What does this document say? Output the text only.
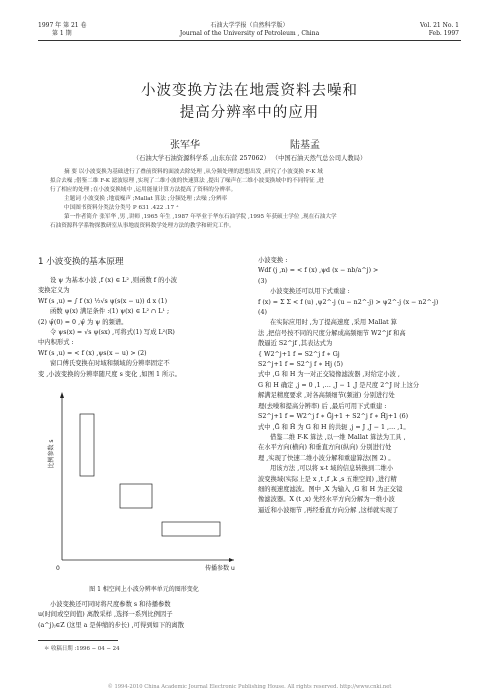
1997 年 第 21 卷
第 1 期
石油大学学报（自然科学版）
Journal of the University of Petroleum , China
Vol. 21 No. 1
Feb. 1997
小波变换方法在地震资料去噪和
提高分辨率中的应用
张军华	陆基孟
（石油大学石油资源科学系 ,山东东营 257062） （中国石油天然气总公司人教局）

摘 要 以小波变换为基础进行了叠前资料的面波去除处理 ,从分频处理的思想出发 ,研究了小波变换 F-K 域

拟合去噪 ;借鉴二维 F-K 滤波原理 ,实现了二维小波的快速算法 ,提出了噪声在二维小波变换域中的不同特征 ,进

行了相应的处理 ;在小波变换域中 ,运用能量计算方法提高了资料的分辨率。

主题词 小波变换 ;地震噪声 ;Mallat 算法 ;分频处理 ;去噪 ;分辨率

中国图书资料分类法分类号 P 631 .422 .17 ⁺

第一作者简介 张军华 ,男 ,讲师 ,1965 年生 ,1987 年毕业于华东石油学院 ,1995 年获硕士学位 ,现在石油大学

石油资源科学系物探教研室从事地震资料数学处理方法的教学和研究工作。

1 小波变换的基本原理

设 ψ 为基本小波 ,f (x) ∈ L² ,则函数 f 的小波

变换定义为

Wf (s ,u) = ∫ f (x) ½√s ψ(s(x − u)) d x (1)

函数 ψ(x) 满足条件 :(1) ψ(x) ∈ L² ∩ L¹ ;

(2) ψ̂(0) = 0 ,ψ̂ 为 ψ 的频谱。

令 ψs(x) = √s ψ(sx) ,可将式(1) 写成 L²(R)

中内积形式 :

Wf (s ,u) = < f (x) ,ψs(x − u) > (2)

窗口傅氏变换在时域和频域的分辨率固定不

变 ,小波变换的分辨率随尺度 s 变化 ,如图 1 所示。

比例参数 s
0	传播参数 u
图 1 相空间上小波分辨率单元的图形变化

小波变换还可同时将尺度参数 s 和待播参数

u(时间或空间值) 离散采样 ,选择一系列比例因子

(a^j)ⱼ∈Z (这里 a 是伸缩的步长) ,可得到如下的离散

＊ 收稿日期 :1996 − 04 − 24

小波变换 :

Wdf (j ,n) = < f (x) ,ψd (x − nb/a^j) >

(3)

小波变换还可以用下式重建 :

f (x) = Σ Σ < f (u) ,ψ2^-j (u − n2^-j) > ψ2^-j (x − n2^-j)

(4)

在实际应用时 ,为了提高速度 ,采用 Mallat 算

法 ,把信号按不同的尺度分解成高频细节 W2^jf 和高

散逼近 S2^jf ,其表达式为

{ W2^j+1 f = S2^j f ∗ Gj

S2^j+1 f = S2^j f ∗ Hj (5)

式中 ,G 和 H 为一对正交镜像滤波器 ,对给定小波 ,

G 和 H 确定 ,j = 0 ,1 ,… ,J − 1 ,J 是尺度 2^J 时上这分

解满足精度要求 ,对各高频细节(频道) 分别进行处

理(去噪和提高分辨率) 后 ,最后可用下式重建 :

S2^j+1 f = W2^j f ∗ Ḡj+1 + S2^j f ∗ H̄j+1 (6)

式中 ,Ḡ 和 H̄ 为 G 和 H 的共轭 ,j = J ,J − 1 ,… ,1。

借鉴二维 F-K 算法 ,以一维 Mallat 算法为工具 ,

在水平方向(横向) 和垂直方向(纵向) 分别进行处

理 ,实现了快速二维小波分解和重建算法(图 2) 。

用该方法 ,可以将 x-t 域的信息转换到二维小

波变换域(实际上是 x ,t ,f ,k ,s 五维空间) ,进行精

细的视速度滤波。图中 ,X 为输入 ,G 和 H 为正交镜

像滤波器。X (t ,x) 先经水平方向分解为一维小波

逼近和小波细节 ,再经垂直方向分解 ,这样就实现了

© 1994-2010 China Academic Journal Electronic Publishing House. All rights reserved. http://www.cnki.net
